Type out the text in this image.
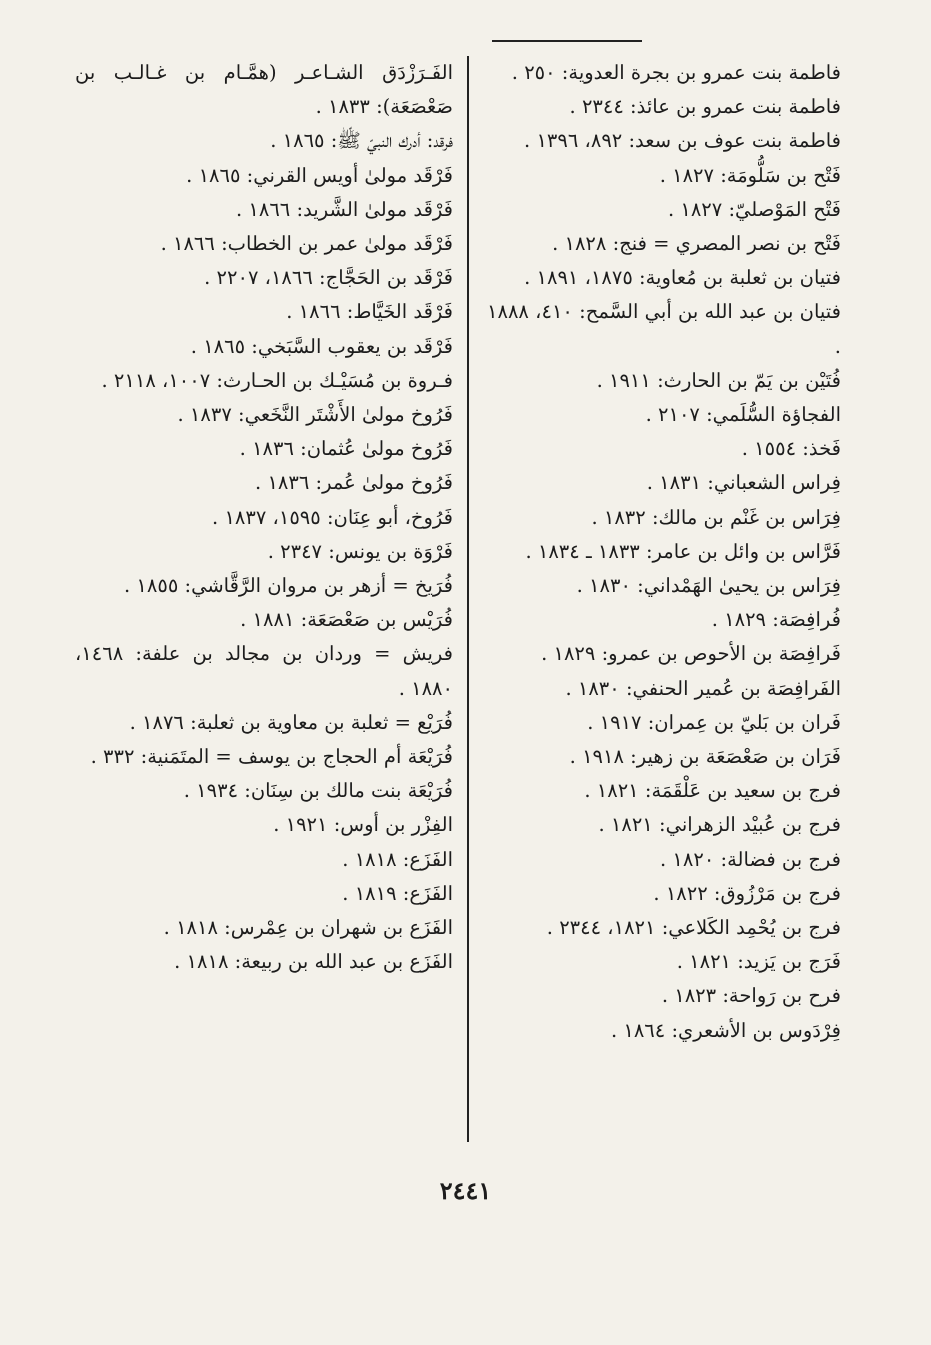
فاطمة بنت عمرو بن بجرة العدوية: ٢٥٠ .

فاطمة بنت عمرو بن عائذ: ٢٣٤٤ .

فاطمة بنت عوف بن سعد: ٨٩٢، ١٣٩٦ .

فَتْح بن سَلُّومَة: ١٨٢٧ .

فَتْح المَوْصليّ: ١٨٢٧ .

فَتْح بن نصر المصري = فنج: ١٨٢٨ .

فتيان بن ثعلبة بن مُعاوية: ١٨٧٥، ١٨٩١ .

فتيان بن عبد الله بن أبي السَّمح: ٤١٠، ١٨٨٨ .

فُتَيْن بن يَمّ بن الحارث: ١٩١١ .

الفجاؤة السُّلَمي: ٢١٠٧ .

فَخذ: ١٥٥٤ .

فِراس الشعباني: ١٨٣١ .

فِرَاس بن غَنْم بن مالك: ١٨٣٢ .

فَرَّاس بن وائل بن عامر: ١٨٣٣ ـ ١٨٣٤ .

فِرَاس بن يحيىٰ الهَمْداني: ١٨٣٠ .

فُرافِصَة: ١٨٢٩ .

فَرافِصَة بن الأحوص بن عمرو: ١٨٢٩ .

الفَرافِصَة بن عُمير الحنفي: ١٨٣٠ .

فَران بن بَليّ بن عِمران: ١٩١٧ .

فَرَان بن صَعْصَعَة بن زهير: ١٩١٨ .

فرج بن سعيد بن عَلْقَمَة: ١٨٢١ .

فرج بن عُبيْد الزهراني: ١٨٢١ .

فرج بن فضالة: ١٨٢٠ .

فرج بن مَرْزُوق: ١٨٢٢ .

فرج بن يُحْمِد الكَلاعي: ١٨٢١، ٢٣٤٤ .

فَرَج بن يَزيد: ١٨٢١ .

فرح بن رَواحة: ١٨٢٣ .

فِرْدَوس بن الأشعري: ١٨٦٤ .

الفَـرَزْدَق الشـاعـر (همَّـام بن غـالـب بن صَعْصَعَة): ١٨٣٣ .

فرقد: أدرك النبيّ ﷺ: ١٨٦٥ .

فَرْقَد مولىٰ أويس القرني: ١٨٦٥ .

فَرْقَد مولىٰ الشَّريد: ١٨٦٦ .

فَرْقَد مولىٰ عمر بن الخطاب: ١٨٦٦ .

فَرْقَد بن الحَجَّاج: ١٨٦٦، ٢٢٠٧ .

فَرْقَد الخَيَّاط: ١٨٦٦ .

فَرْقَد بن يعقوب السَّبَخي: ١٨٦٥ .

فـروة بن مُسَيْـك بن الحـارث: ١٠٠٧، ٢١١٨ .

فَرُوخ مولىٰ الأَشْتَر النَّخَعي: ١٨٣٧ .

فَرُوخ مولىٰ عُثمان: ١٨٣٦ .

فَرُوخ مولىٰ عُمر: ١٨٣٦ .

فَرُوخ، أبو عِنَان: ١٥٩٥، ١٨٣٧ .

فَرْوَة بن يونس: ٢٣٤٧ .

فُرَيخ = أزهر بن مروان الرَّقَّاشي: ١٨٥٥ .

فُرَيْس بن صَعْصَعَة: ١٨٨١ .

فريش = وردان بن مجالد بن علفة: ١٤٦٨، ١٨٨٠ .

فُرَيْع = ثعلبة بن معاوية بن ثعلبة: ١٨٧٦ .

فُرَيْعَة أم الحجاج بن يوسف = المتَمَنية: ٣٣٢ .

فُرَيْعَة بنت مالك بن سِنَان: ١٩٣٤ .

الفِزْر بن أوس: ١٩٢١ .

الفَزَع: ١٨١٨ .

الفَزَع: ١٨١٩ .

الفَزَع بن شهران بن عِمْرس: ١٨١٨ .

الفَزَع بن عبد الله بن ربيعة: ١٨١٨ .

٢٤٤١
